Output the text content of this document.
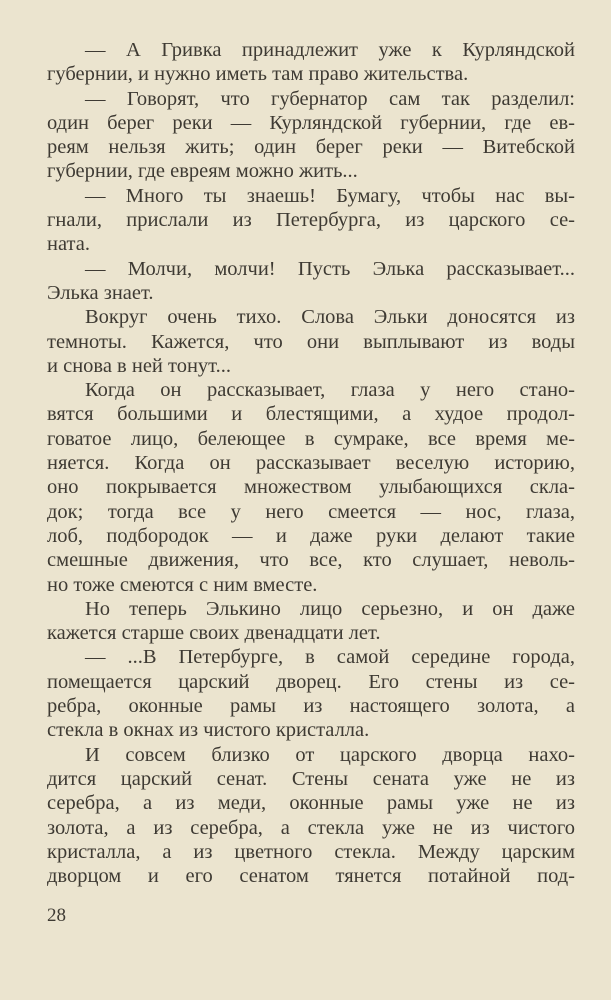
— А Гривка принадлежит уже к Курляндской
губернии, и нужно иметь там право жительства.
— Говорят, что губернатор сам так разделил:
один берег реки — Курляндской губернии, где ев-
реям нельзя жить; один берег реки — Витебской
губернии, где евреям можно жить...
— Много ты знаешь! Бумагу, чтобы нас вы-
гнали, прислали из Петербурга, из царского се-
ната.
— Молчи, молчи! Пусть Элька рассказывает...
Элька знает.
Вокруг очень тихо. Слова Эльки доносятся из
темноты. Кажется, что они выплывают из воды
и снова в ней тонут...
Когда он рассказывает, глаза у него стано-
вятся большими и блестящими, а худое продол-
говатое лицо, белеющее в сумраке, все время ме-
няется. Когда он рассказывает веселую историю,
оно покрывается множеством улыбающихся скла-
док; тогда все у него смеется — нос, глаза,
лоб, подбородок — и даже руки делают такие
смешные движения, что все, кто слушает, неволь-
но тоже смеются с ним вместе.
Но теперь Элькино лицо серьезно, и он даже
кажется старше своих двенадцати лет.
— ...В Петербурге, в самой середине города,
помещается царский дворец. Его стены из се-
ребра, оконные рамы из настоящего золота, а
стекла в окнах из чистого кристалла.
И совсем близко от царского дворца нахо-
дится царский сенат. Стены сената уже не из
серебра, а из меди, оконные рамы уже не из
золота, а из серебра, а стекла уже не из чистого
кристалла, а из цветного стекла. Между царским
дворцом и его сенатом тянется потайной под-
28
